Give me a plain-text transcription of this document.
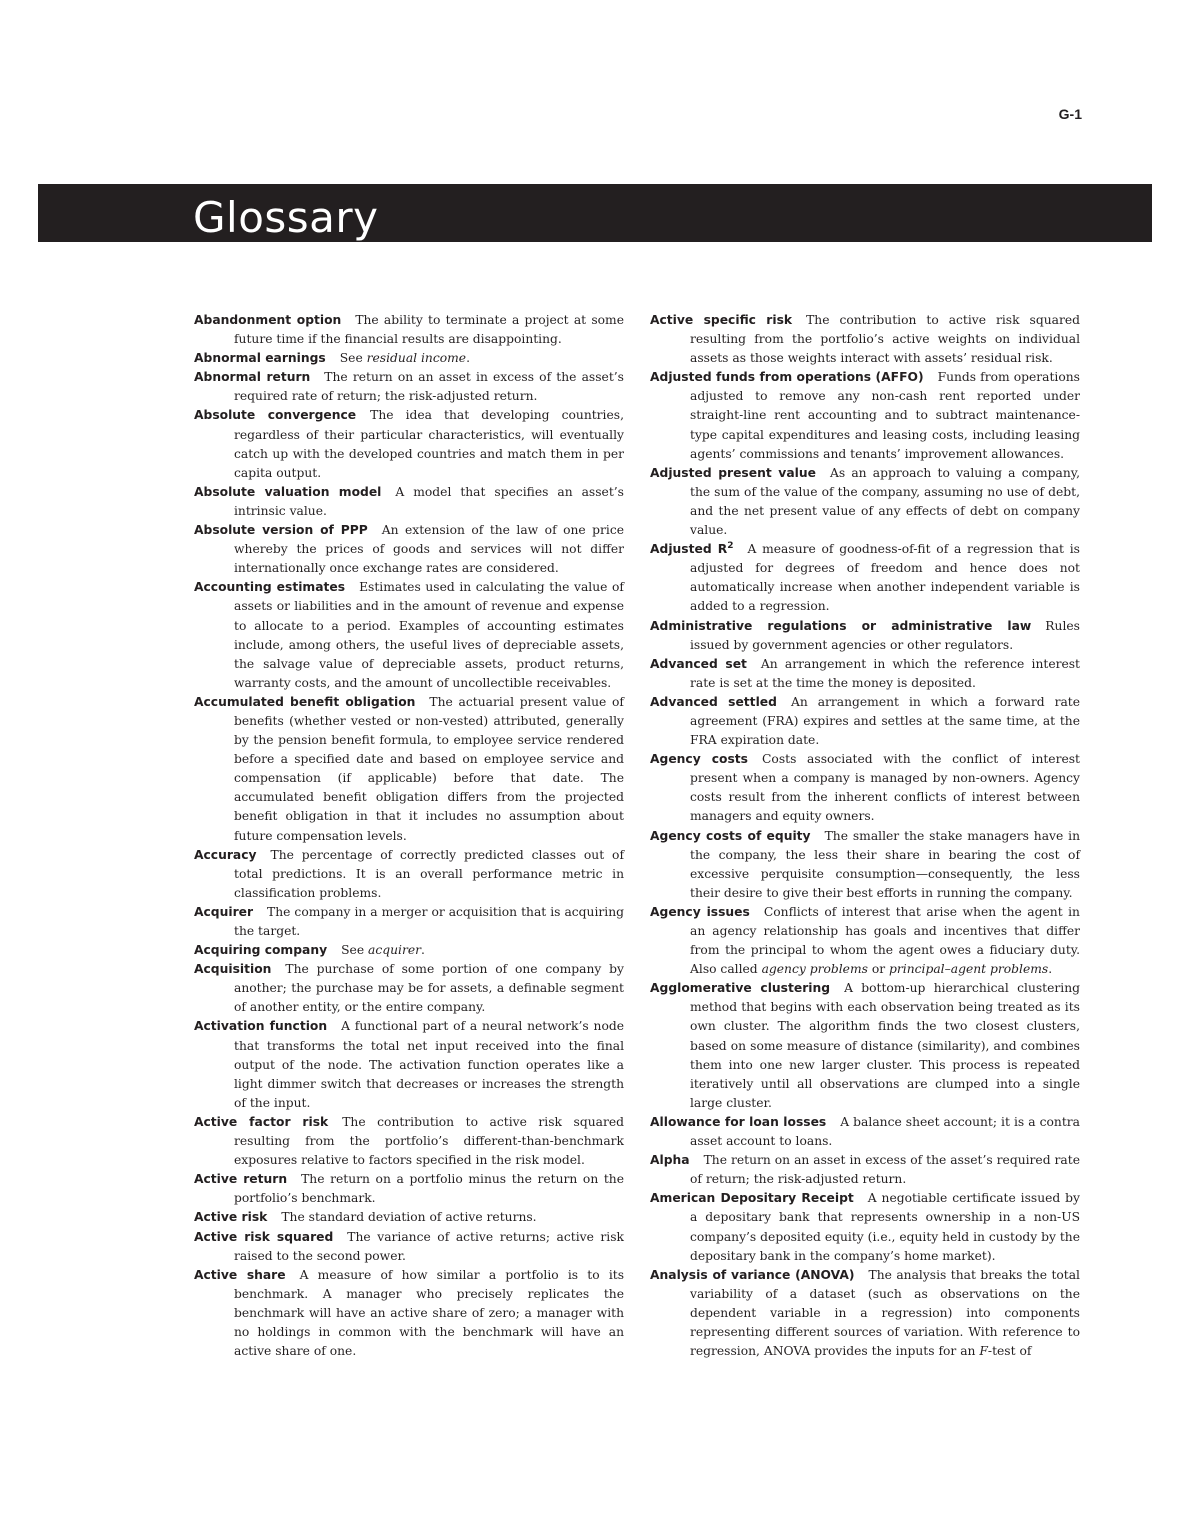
G-1
Glossary

Abandonment option The ability to terminate a project at some future time if the financial results are disappointing.

Abnormal earnings See residual income.

Abnormal return The return on an asset in excess of the asset’s required rate of return; the risk-adjusted return.

Absolute convergence The idea that developing countries, regardless of their particular characteristics, will eventually catch up with the developed countries and match them in per capita output.

Absolute valuation model A model that specifies an asset’s intrinsic value.

Absolute version of PPP An extension of the law of one price whereby the prices of goods and services will not differ internationally once exchange rates are considered.

Accounting estimates Estimates used in calculating the value of assets or liabilities and in the amount of revenue and expense to allocate to a period. Examples of accounting estimates include, among others, the useful lives of depreciable assets, the salvage value of depreciable assets, product returns, warranty costs, and the amount of uncollectible receivables.

Accumulated benefit obligation The actuarial present value of benefits (whether vested or non-vested) attributed, generally by the pension benefit formula, to employee service rendered before a specified date and based on employee service and compensation (if applicable) before that date. The accumulated benefit obligation differs from the projected benefit obligation in that it includes no assumption about future compensation levels.

Accuracy The percentage of correctly predicted classes out of total predictions. It is an overall performance metric in classification problems.

Acquirer The company in a merger or acquisition that is acquiring the target.

Acquiring company See acquirer.

Acquisition The purchase of some portion of one company by another; the purchase may be for assets, a definable segment of another entity, or the entire company.

Activation function A functional part of a neural network’s node that transforms the total net input received into the final output of the node. The activation function operates like a light dimmer switch that decreases or increases the strength of the input.

Active factor risk The contribution to active risk squared resulting from the portfolio’s different-than-benchmark exposures relative to factors specified in the risk model.

Active return The return on a portfolio minus the return on the portfolio’s benchmark.

Active risk The standard deviation of active returns.

Active risk squared The variance of active returns; active risk raised to the second power.

Active share A measure of how similar a portfolio is to its benchmark. A manager who precisely replicates the benchmark will have an active share of zero; a manager with no holdings in common with the benchmark will have an active share of one.

Active specific risk The contribution to active risk squared resulting from the portfolio’s active weights on individual assets as those weights interact with assets’ residual risk.

Adjusted funds from operations (AFFO) Funds from operations adjusted to remove any non-cash rent reported under straight-line rent accounting and to subtract maintenance-type capital expenditures and leasing costs, including leasing agents’ commissions and tenants’ improvement allowances.

Adjusted present value As an approach to valuing a company, the sum of the value of the company, assuming no use of debt, and the net present value of any effects of debt on company value.

Adjusted $R^2$ A measure of goodness-of-fit of a regression that is adjusted for degrees of freedom and hence does not automatically increase when another independent variable is added to a regression.

Administrative regulations or administrative law Rules issued by government agencies or other regulators.

Advanced set An arrangement in which the reference interest rate is set at the time the money is deposited.

Advanced settled An arrangement in which a forward rate agreement (FRA) expires and settles at the same time, at the FRA expiration date.

Agency costs Costs associated with the conflict of interest present when a company is managed by non-owners. Agency costs result from the inherent conflicts of interest between managers and equity owners.

Agency costs of equity The smaller the stake managers have in the company, the less their share in bearing the cost of excessive perquisite consumption—consequently, the less their desire to give their best efforts in running the company.

Agency issues Conflicts of interest that arise when the agent in an agency relationship has goals and incentives that differ from the principal to whom the agent owes a fiduciary duty. Also called agency problems or principal–agent problems.

Agglomerative clustering A bottom-up hierarchical clustering method that begins with each observation being treated as its own cluster. The algorithm finds the two closest clusters, based on some measure of distance (similarity), and combines them into one new larger cluster. This process is repeated iteratively until all observations are clumped into a single large cluster.

Allowance for loan losses A balance sheet account; it is a contra asset account to loans.

Alpha The return on an asset in excess of the asset’s required rate of return; the risk-adjusted return.

American Depositary Receipt A negotiable certificate issued by a depositary bank that represents ownership in a non-US company’s deposited equity (i.e., equity held in custody by the depositary bank in the company’s home market).

Analysis of variance (ANOVA) The analysis that breaks the total variability of a dataset (such as observations on the dependent variable in a regression) into components representing different sources of variation. With reference to regression, ANOVA provides the inputs for an F-test of
